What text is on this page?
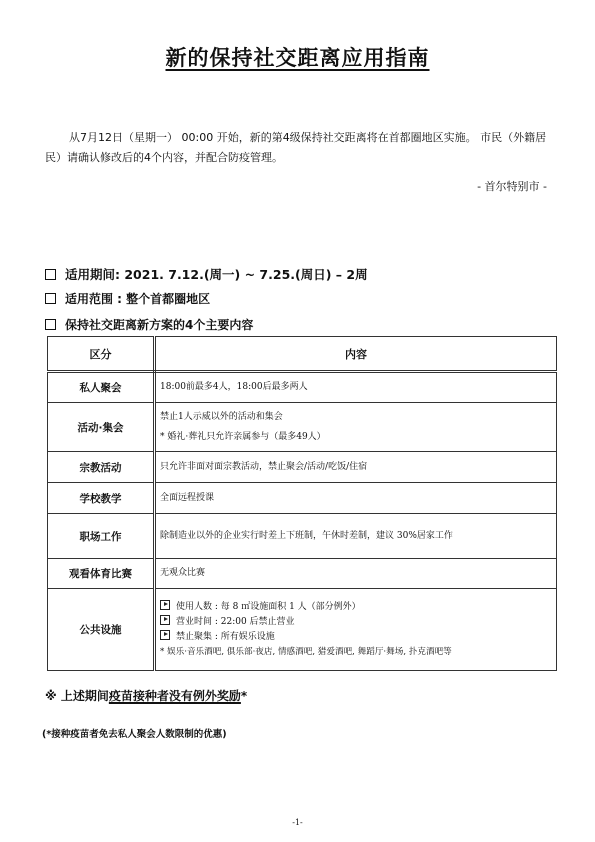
新的保持社交距离应用指南
从7月12日（星期一） 00:00 开始，新的第4级保持社交距离将在首都圈地区实施。 市民（外籍居民）请确认修改后的4个内容，并配合防疫管理。
- 首尔特别市 -
适用期间: 2021. 7.12.(周一) ~ 7.25.(周日) – 2周
适用范围 : 整个首都圈地区
保持社交距离新方案的4个主要内容
区分	内容
私人聚会	18:00前最多4人，18:00后最多两人

活动·集会	禁止1人示威以外的活动和集会
* 婚礼·葬礼只允许亲属参与（最多49人）

宗教活动	只允许非面对面宗教活动，禁止聚会/活动/吃饭/住宿

学校教学	全面远程授课

职场工作	除制造业以外的企业实行时差上下班制，午休时差制，建议 30%居家工作

观看体育比赛	无观众比赛

公共设施	使用人数 : 每 8 ㎡设施面积 1 人（部分例外）
营业时间 : 22:00 后禁止营业
禁止聚集 : 所有娱乐设施
* 娱乐·音乐酒吧, 俱乐部·夜店, 情感酒吧, 猎爱酒吧, 舞蹈厅·舞场, 扑克酒吧等
※ 上述期间疫苗接种者没有例外奖励*
(*接种疫苗者免去私人聚会人数限制的优惠)
-1-
